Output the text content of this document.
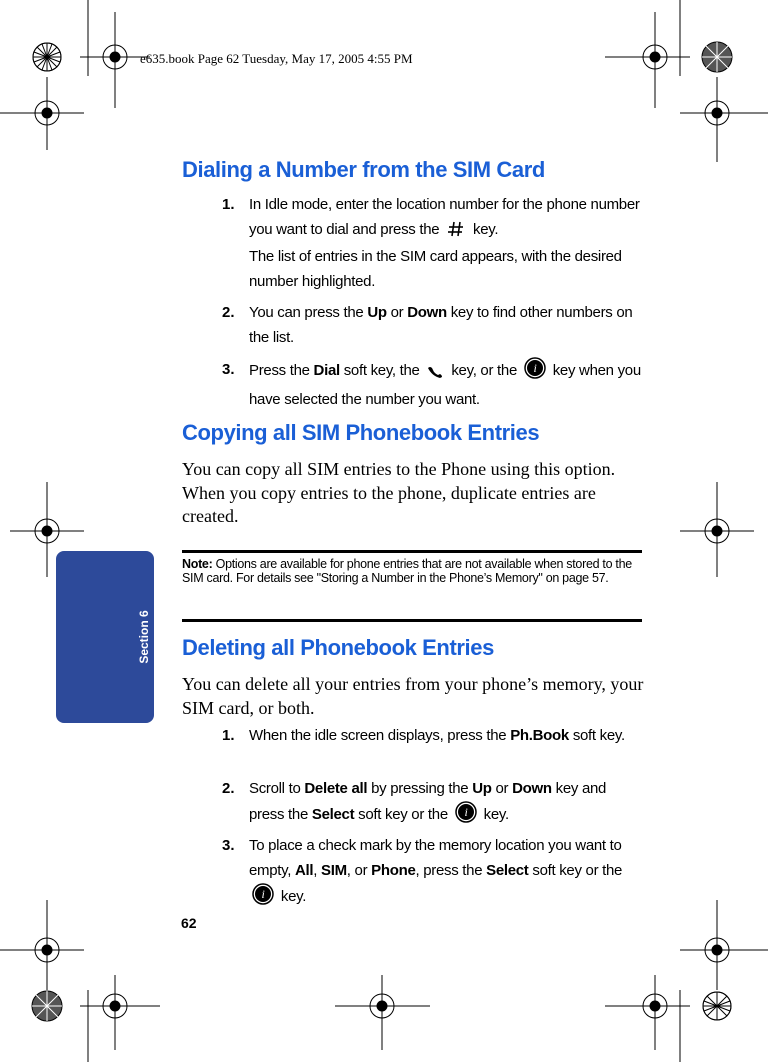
e635.book Page 62 Tuesday, May 17, 2005 4:55 PM
Section 6
Dialing a Number from the SIM Card
1. In Idle mode, enter the location number for the phone number you want to dial and press the key.
The list of entries in the SIM card appears, with the desired number highlighted.
2. You can press the Up or Down key to find other numbers on the list.
3. Press the Dial soft key, the key, or the i key when you have selected the number you want.
Copying all SIM Phonebook Entries
You can copy all SIM entries to the Phone using this option. When you copy entries to the phone, duplicate entries are created.
Note: Options are available for phone entries that are not available when stored to the SIM card. For details see "Storing a Number in the Phone’s Memory" on page 57.
Deleting all Phonebook Entries
You can delete all your entries from your phone’s memory, your SIM card, or both.
1. When the idle screen displays, press the Ph.Book soft key.
2. Scroll to Delete all by pressing the Up or Down key and press the Select soft key or the i key.
3. To place a check mark by the memory location you want to empty, All, SIM, or Phone, press the Select soft key or the
i key.
62
